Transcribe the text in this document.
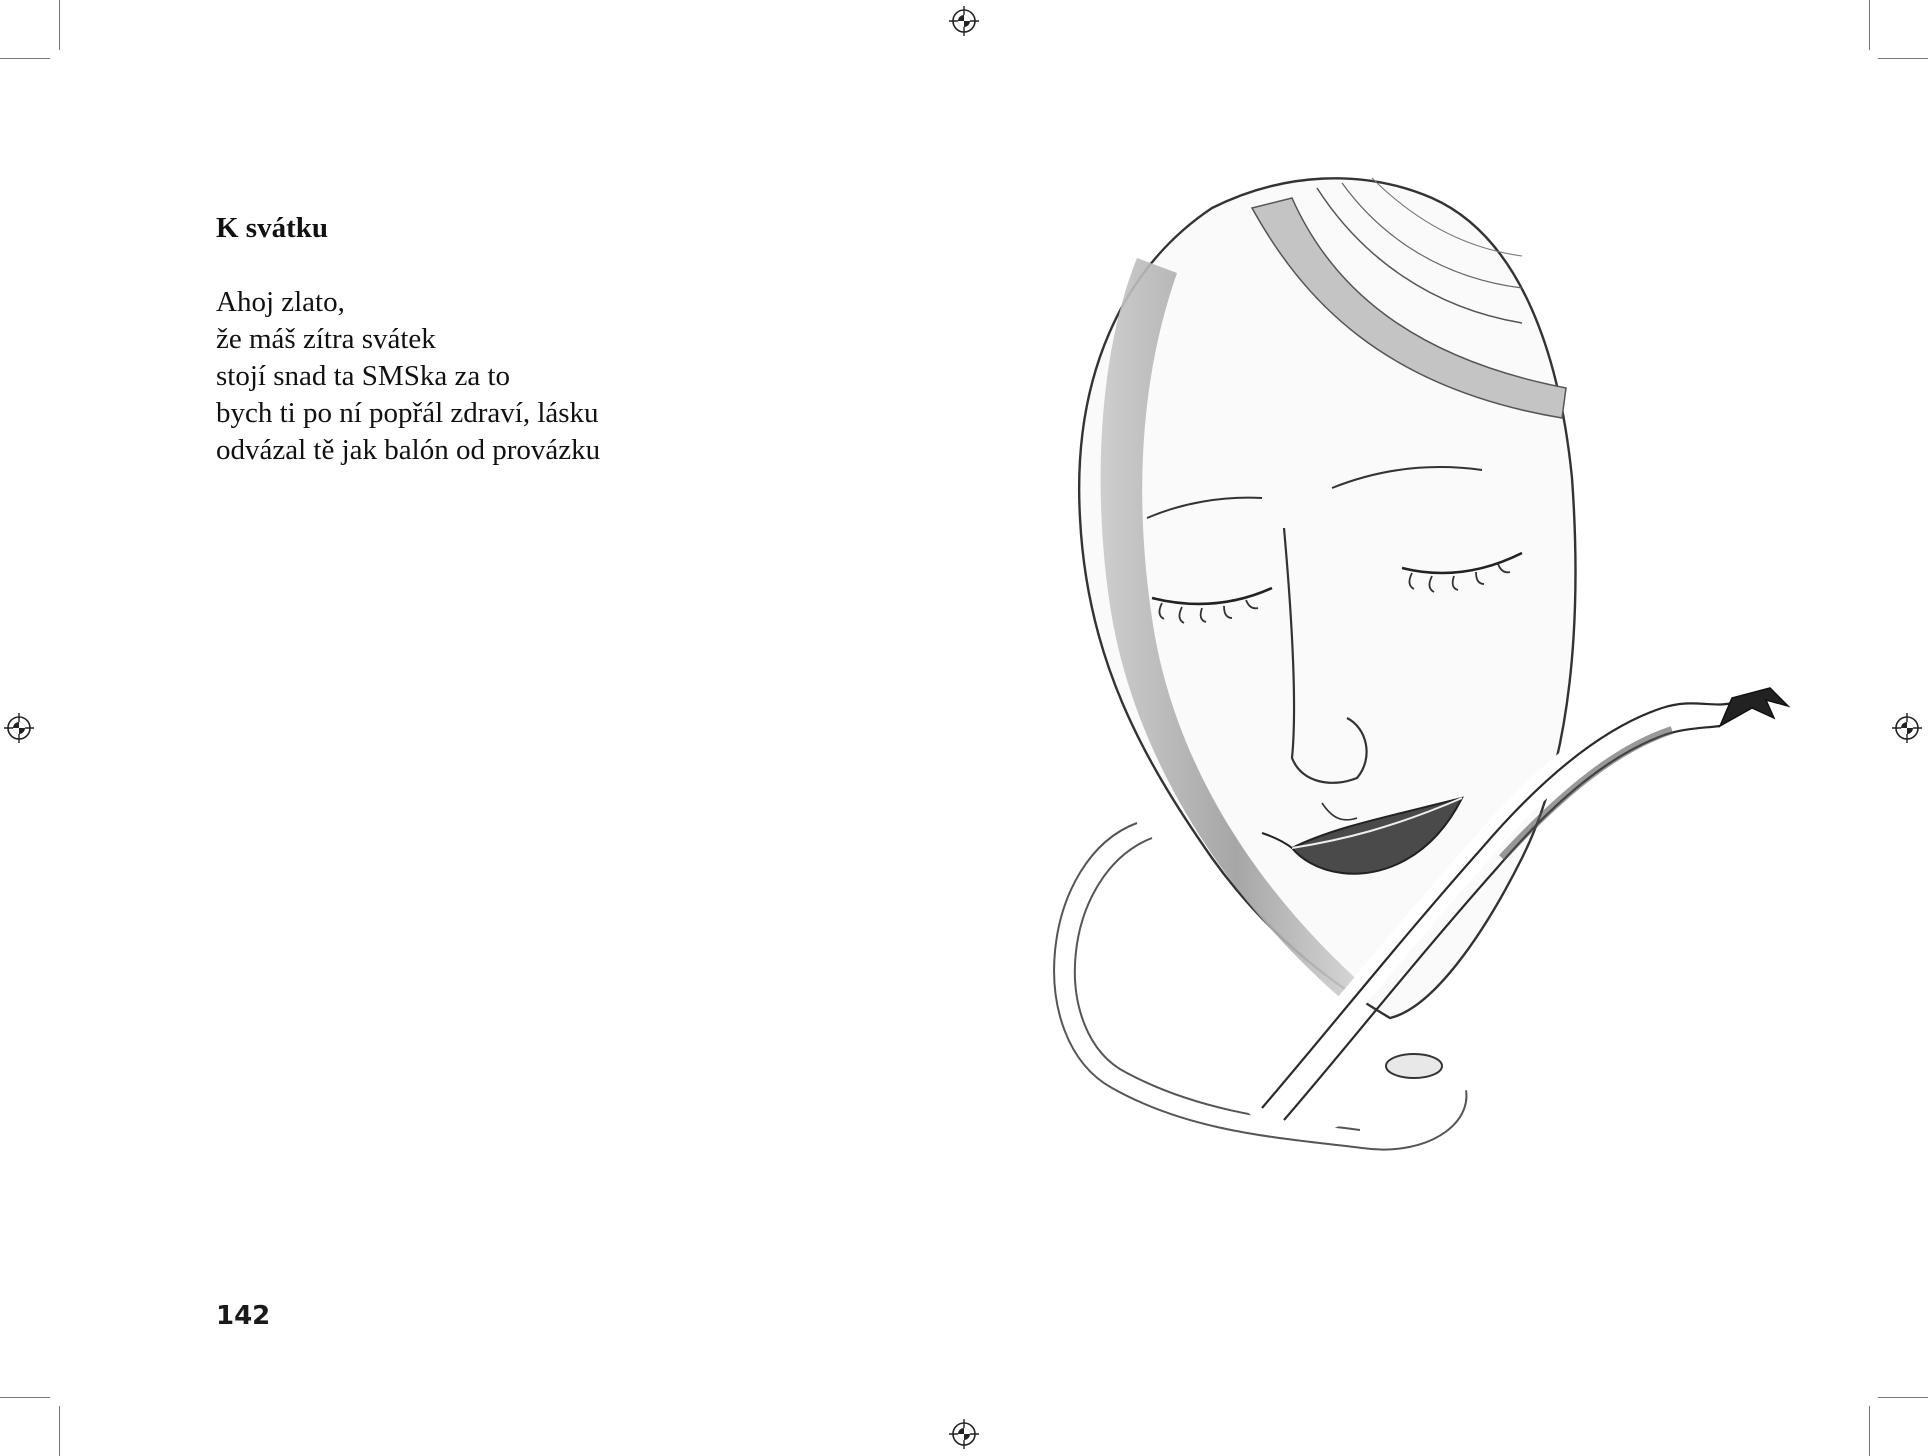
K svátku
Ahoj zlato,
že máš zítra svátek
stojí snad ta SMSka za to
bych ti po ní popřál zdraví, lásku
odvázal tě jak balón od provázku
142
